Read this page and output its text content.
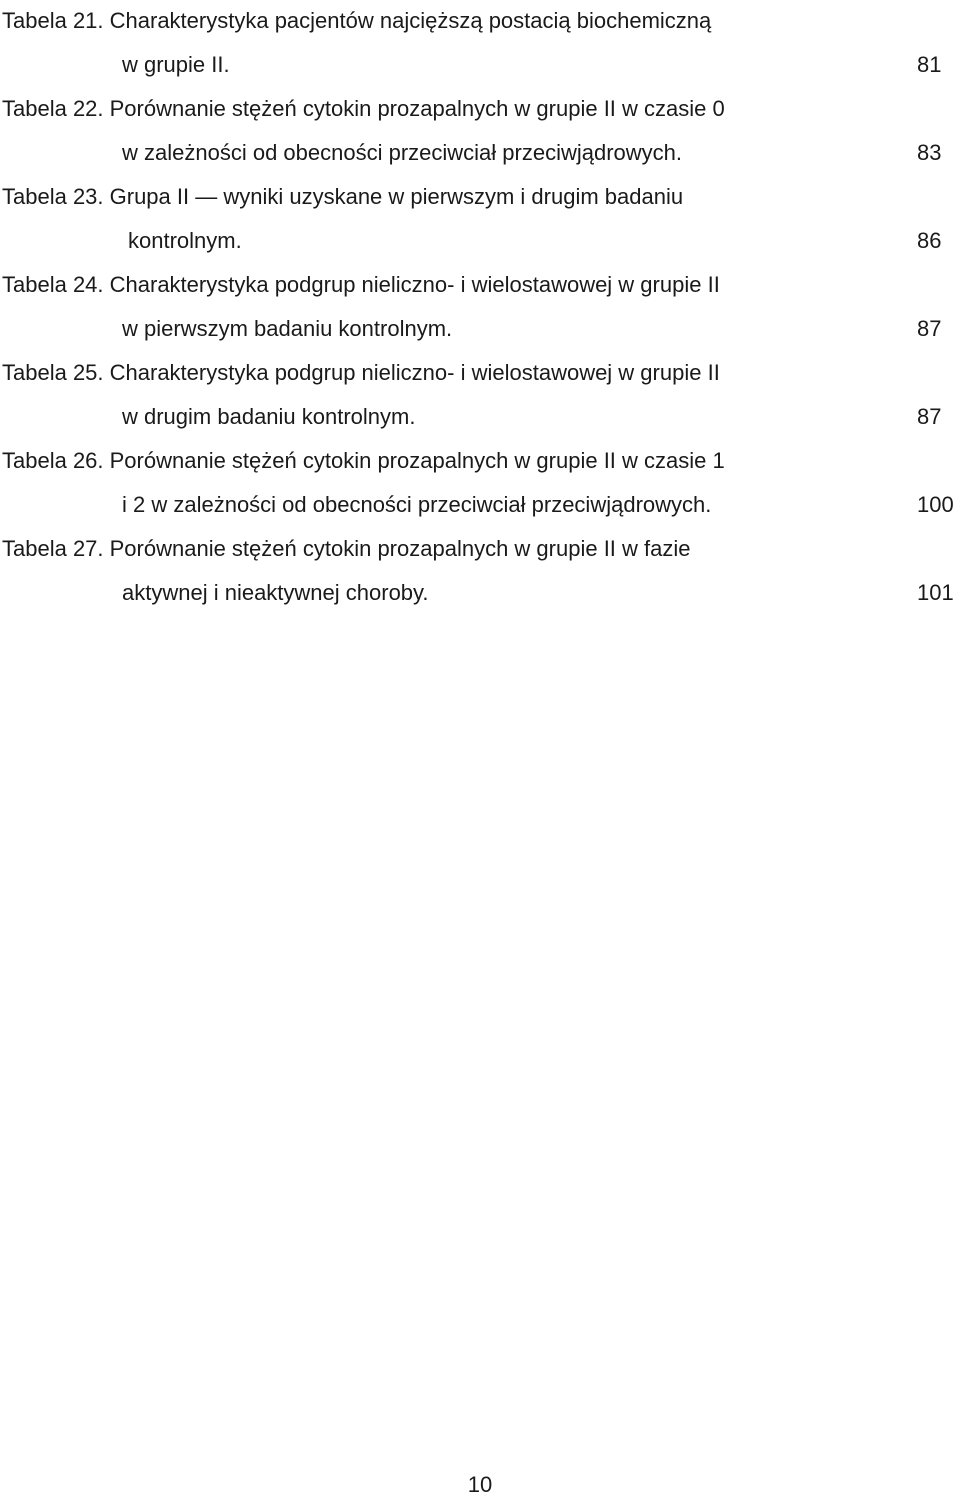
Tabela 21. Charakterystyka pacjentów najcięższą postacią biochemiczną
w grupie II.	81
Tabela 22. Porównanie stężeń cytokin prozapalnych w grupie II w czasie 0
w zależności od obecności przeciwciał przeciwjądrowych.	83
Tabela 23. Grupa II — wyniki uzyskane w pierwszym i drugim badaniu
kontrolnym.	86
Tabela 24. Charakterystyka podgrup nieliczno- i wielostawowej w grupie II
w pierwszym badaniu kontrolnym.	87
Tabela 25. Charakterystyka podgrup nieliczno- i wielostawowej w grupie II
w drugim badaniu kontrolnym.	87
Tabela 26. Porównanie stężeń cytokin prozapalnych w grupie II w czasie 1
i 2 w zależności od obecności przeciwciał przeciwjądrowych.	100
Tabela 27. Porównanie stężeń cytokin prozapalnych w grupie II w fazie
aktywnej i nieaktywnej choroby.	101
10
